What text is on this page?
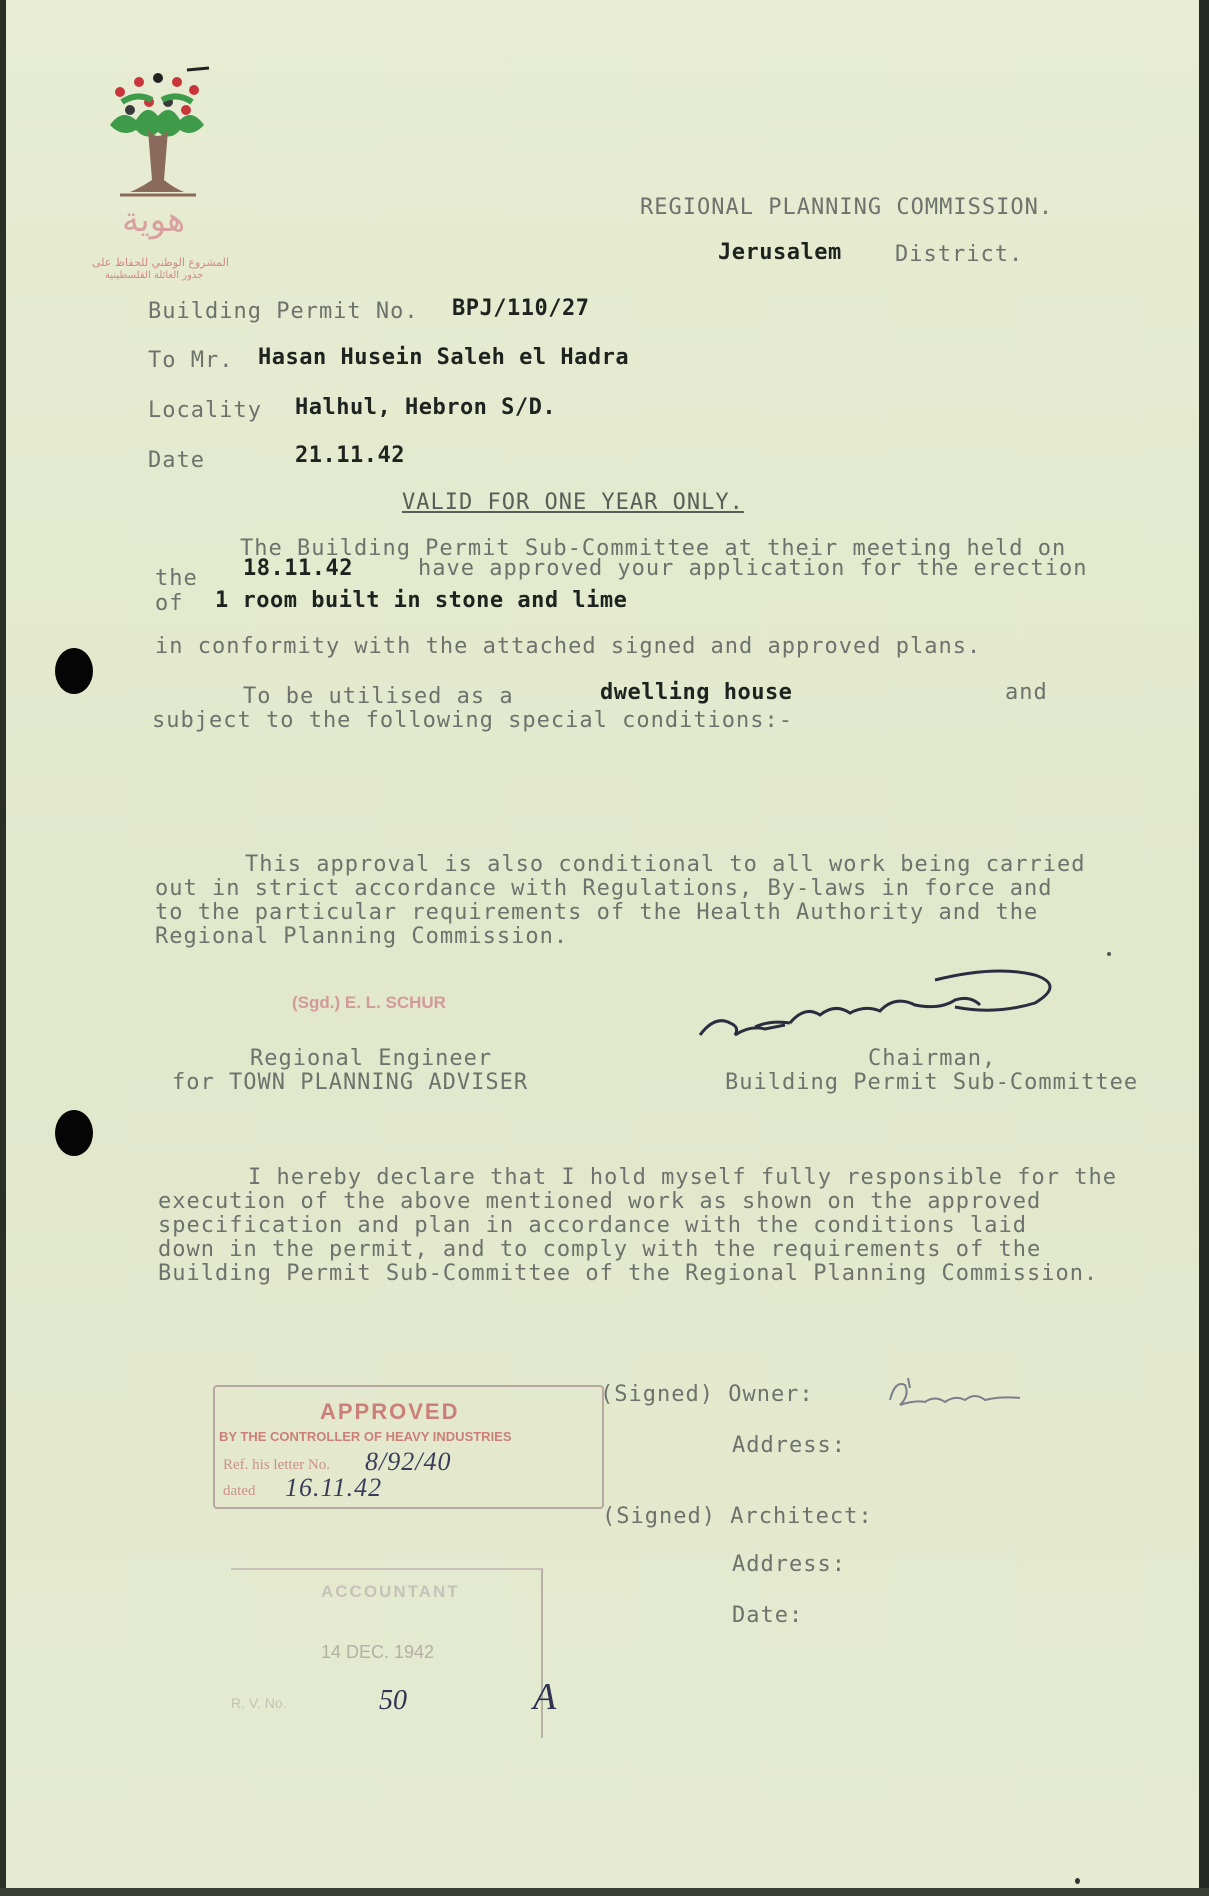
هوية
المشروع الوطني للحفاظ على
جذور العائلة الفلسطينية
REGIONAL PLANNING COMMISSION.
Jerusalem District.
Building Permit No. BPJ/110/27
To Mr. Hasan Husein Saleh el Hadra
Locality Halhul, Hebron S/D.
Date	21.11.42
VALID FOR ONE YEAR ONLY.
The Building Permit Sub-Committee at their meeting held on
the 18.11.42	have approved your application for the erection
of 1 room built in stone and lime
in conformity with the attached signed and approved plans.
To be utilised as a	dwelling house	and
subject to the following special conditions:-
This approval is also conditional to all work being carried
out in strict accordance with Regulations, By-laws in force and
to the particular requirements of the Health Authority and the
Regional Planning Commission.
(Sgd.) E. L. SCHUR
Regional Engineer
for TOWN PLANNING ADVISER
Chairman,
Building Permit Sub-Committee
I hereby declare that I hold myself fully responsible for the
execution of the above mentioned work as shown on the approved
specification and plan in accordance with the conditions laid
down in the permit, and to comply with the requirements of the
Building Permit Sub-Committee of the Regional Planning Commission.
(Signed) Owner:
Address:
(Signed) Architect:
Address:
Date:
APPROVED
BY THE CONTROLLER OF HEAVY INDUSTRIES
Ref. his letter No. 8/92/40
dated 16.11.42
ACCOUNTANT
14 DEC. 1942
R. V. No.	50	A
